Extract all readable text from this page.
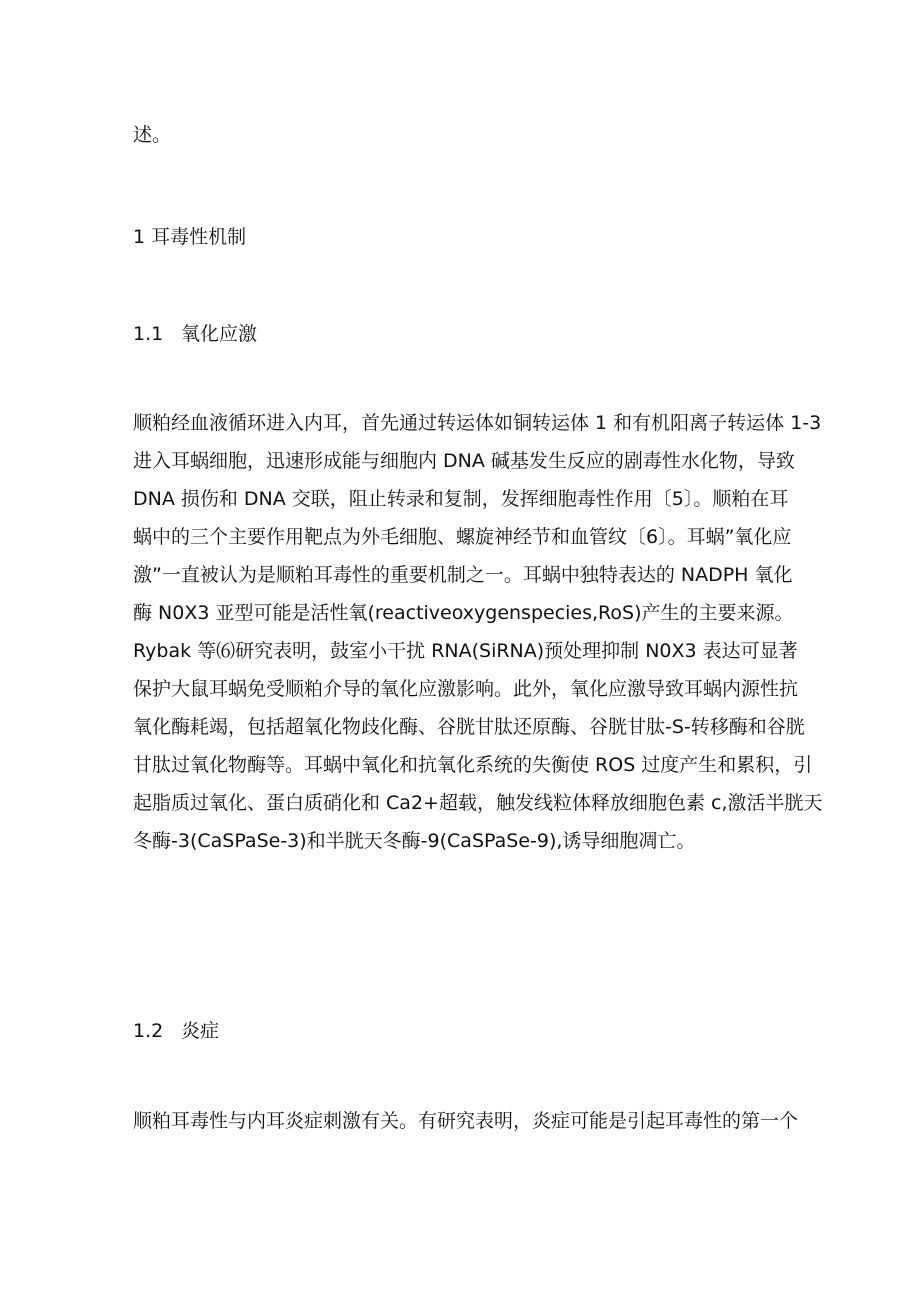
述。

1 耳毒性机制
1.1 氧化应激
顺粕经血液循环进入内耳，首先通过转运体如铜转运体 1 和有机阳离子转运体 1-3
进入耳蜗细胞，迅速形成能与细胞内 DNA 碱基发生反应的剧毒性水化物，导致
DNA 损伤和 DNA 交联，阻止转录和复制，发挥细胞毒性作用〔5〕。顺粕在耳
蜗中的三个主要作用靶点为外毛细胞、螺旋神经节和血管纹〔6〕。耳蜗”氧化应
激”一直被认为是顺粕耳毒性的重要机制之一。耳蜗中独特表达的 NADPH 氧化
酶 N0X3 亚型可能是活性氧(reactiveoxygenspecies,RoS)产生的主要来源。
Rybak 等⑹研究表明，鼓室小干扰 RNA(SiRNA)预处理抑制 N0X3 表达可显著
保护大鼠耳蜗免受顺粕介导的氧化应激影响。此外，氧化应激导致耳蜗内源性抗
氧化酶耗竭，包括超氧化物歧化酶、谷胱甘肽还原酶、谷胱甘肽-S-转移酶和谷胱
甘肽过氧化物酶等。耳蜗中氧化和抗氧化系统的失衡使 ROS 过度产生和累积，引
起脂质过氧化、蛋白质硝化和 Ca2+超载，触发线粒体释放细胞色素 c,激活半胱天
冬酶-3(CaSPaSe-3)和半胱天冬酶-9(CaSPaSe-9),诱导细胞凋亡。
1.2 炎症
顺粕耳毒性与内耳炎症刺激有关。有研究表明，炎症可能是引起耳毒性的第一个
